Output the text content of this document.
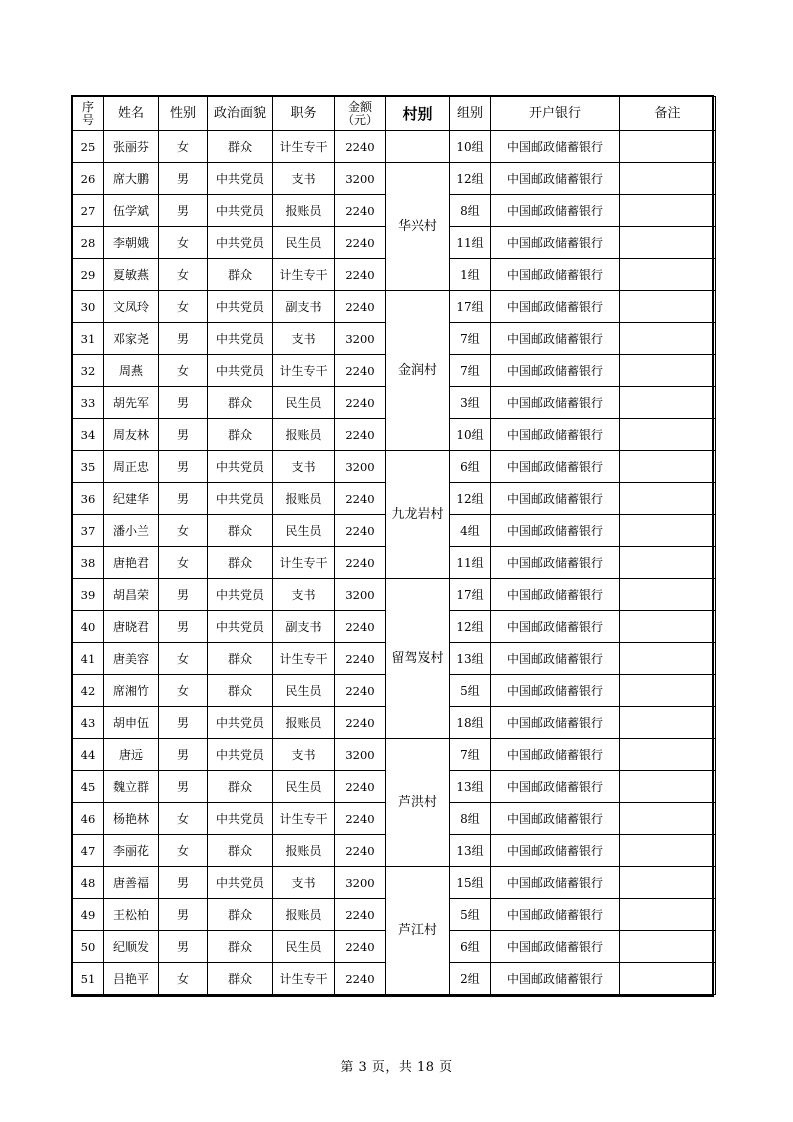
序号	姓名	性别	政治面貌	职务	金额（元）	村别	组别	开户银行	备注
25	张丽芬	女	群众	计生专干	2240		10组	中国邮政储蓄银行	
26	席大鹏	男	中共党员	支书	3200	华兴村	12组	中国邮政储蓄银行	
27	伍学斌	男	中共党员	报账员	2240		8组	中国邮政储蓄银行	
28	李朝娥	女	中共党员	民生员	2240		11组	中国邮政储蓄银行	
29	夏敏燕	女	群众	计生专干	2240		1组	中国邮政储蓄银行	
30	文凤玲	女	中共党员	副支书	2240	金润村	17组	中国邮政储蓄银行	
31	邓家尧	男	中共党员	支书	3200		7组	中国邮政储蓄银行	
32	周燕	女	中共党员	计生专干	2240		7组	中国邮政储蓄银行	
33	胡先军	男	群众	民生员	2240		3组	中国邮政储蓄银行	
34	周友林	男	群众	报账员	2240		10组	中国邮政储蓄银行	
35	周正忠	男	中共党员	支书	3200	九龙岩村	6组	中国邮政储蓄银行	
36	纪建华	男	中共党员	报账员	2240		12组	中国邮政储蓄银行	
37	潘小兰	女	群众	民生员	2240		4组	中国邮政储蓄银行	
38	唐艳君	女	群众	计生专干	2240		11组	中国邮政储蓄银行	
39	胡昌荣	男	中共党员	支书	3200	留驾岌村	17组	中国邮政储蓄银行	
40	唐晓君	男	中共党员	副支书	2240		12组	中国邮政储蓄银行	
41	唐美容	女	群众	计生专干	2240		13组	中国邮政储蓄银行	
42	席湘竹	女	群众	民生员	2240		5组	中国邮政储蓄银行	
43	胡申伍	男	中共党员	报账员	2240		18组	中国邮政储蓄银行	
44	唐远	男	中共党员	支书	3200	芦洪村	7组	中国邮政储蓄银行	
45	魏立群	男	群众	民生员	2240		13组	中国邮政储蓄银行	
46	杨艳林	女	中共党员	计生专干	2240		8组	中国邮政储蓄银行	
47	李丽花	女	群众	报账员	2240		13组	中国邮政储蓄银行	
48	唐善福	男	中共党员	支书	3200	芦江村	15组	中国邮政储蓄银行	
49	王松柏	男	群众	报账员	2240		5组	中国邮政储蓄银行	
50	纪顺发	男	群众	民生员	2240		6组	中国邮政储蓄银行	
51	吕艳平	女	群众	计生专干	2240		2组	中国邮政储蓄银行	
第 3 页，共 18 页
